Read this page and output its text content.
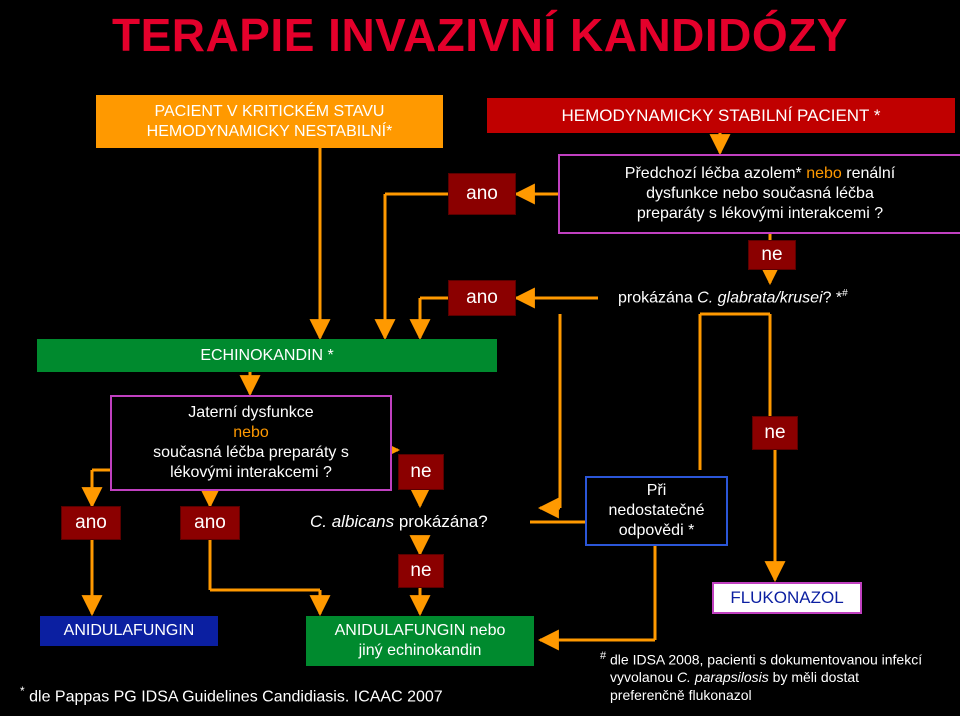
TERAPIE INVAZIVNÍ KANDIDÓZY
PACIENT V KRITICKÉM STAVU
HEMODYNAMICKY NESTABILNÍ*
HEMODYNAMICKY STABILNÍ PACIENT *
Předchozí léčba azolem* nebo renální
dysfunkce nebo současná léčba
preparáty s lékovými interakcemi ?
ano
ne
ano	prokázána C. glabrata/krusei? *#
ECHINOKANDIN *
Jaterní dysfunkce
nebo
současná léčba preparáty s
lékovými interakcemi ?
ano	ano
ne
C. albicans prokázána?
ne
Při
nedostatečné
odpovědi *
ne
FLUKONAZOL
ANIDULAFUNGIN	ANIDULAFUNGIN nebo
jiný echinokandin
* dle Pappas PG IDSA Guidelines Candidiasis. ICAAC 2007
# dle IDSA 2008, pacienti s dokumentovanou infekcí
vyvolanou C. parapsilosis by měli dostat
preferenčně flukonazol
